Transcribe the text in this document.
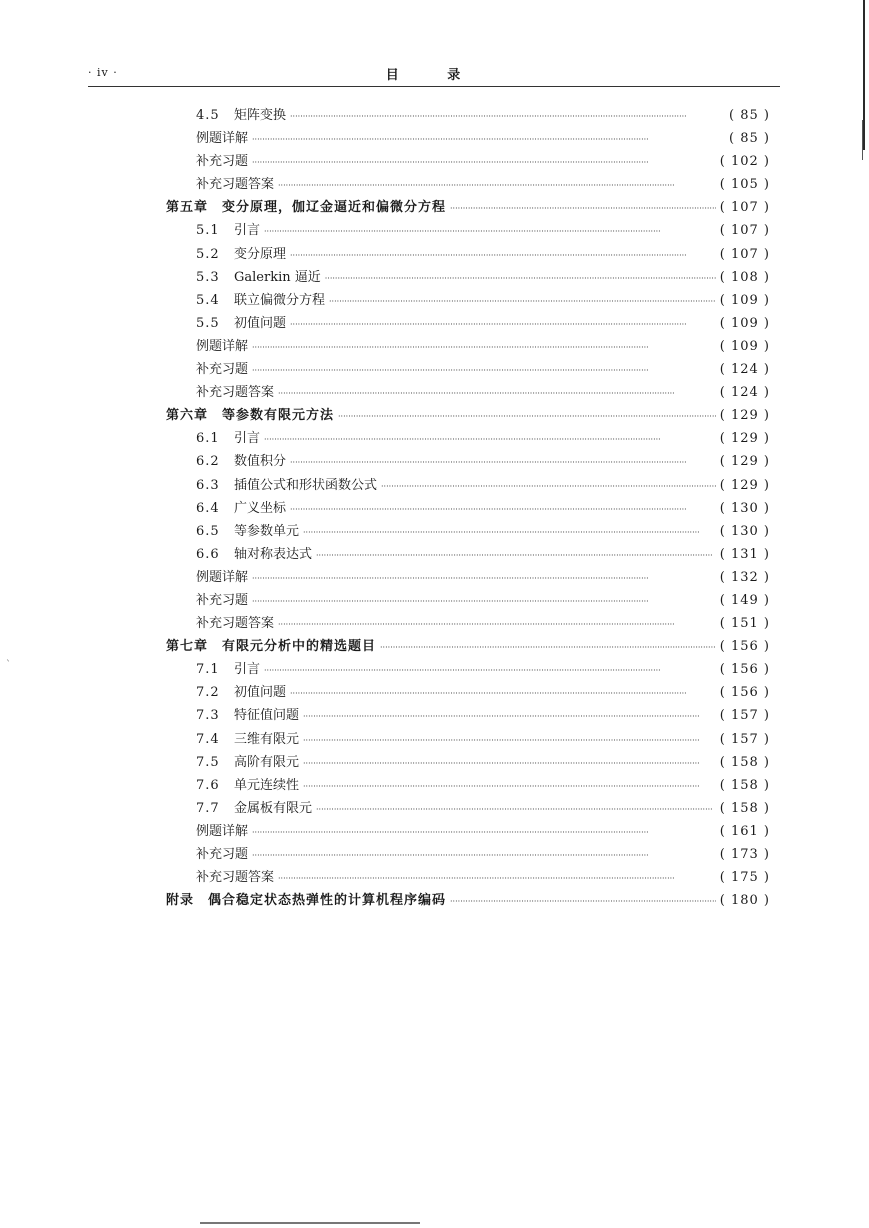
· iv ·	目 录
4.5	矩阵变换 ·····	( 85 )
例题详解 ·····	( 85 )
补充习题 ·····	( 102 )
补充习题答案 ·····	( 105 )
第五章　变分原理，伽辽金逼近和偏微分方程 ·····	( 107 )
5.1	引言 ·····	( 107 )
5.2	变分原理 ·····	( 107 )
5.3	Galerkin 逼近 ·····	( 108 )
5.4	联立偏微分方程 ·····	( 109 )
5.5	初值问题 ·····	( 109 )
例题详解 ·····	( 109 )
补充习题 ·····	( 124 )
补充习题答案 ·····	( 124 )
第六章　等参数有限元方法 ·····	( 129 )
6.1	引言 ·····	( 129 )
6.2	数值积分 ·····	( 129 )
6.3	插值公式和形状函数公式 ·····	( 129 )
6.4	广义坐标 ·····	( 130 )
6.5	等参数单元 ·····	( 130 )
6.6	轴对称表达式 ·····	( 131 )
例题详解 ·····	( 132 )
补充习题 ·····	( 149 )
补充习题答案 ·····	( 151 )
第七章　有限元分析中的精选题目 ·····	( 156 )
7.1	引言 ·····	( 156 )
7.2	初值问题 ·····	( 156 )
7.3	特征值问题 ·····	( 157 )
7.4	三维有限元 ·····	( 157 )
7.5	高阶有限元 ·····	( 158 )
7.6	单元连续性 ·····	( 158 )
7.7	金属板有限元 ·····	( 158 )
例题详解 ·····	( 161 )
补充习题 ·····	( 173 )
补充习题答案 ·····	( 175 )
附录　偶合稳定状态热弹性的计算机程序编码 ·····	( 180 )
`
